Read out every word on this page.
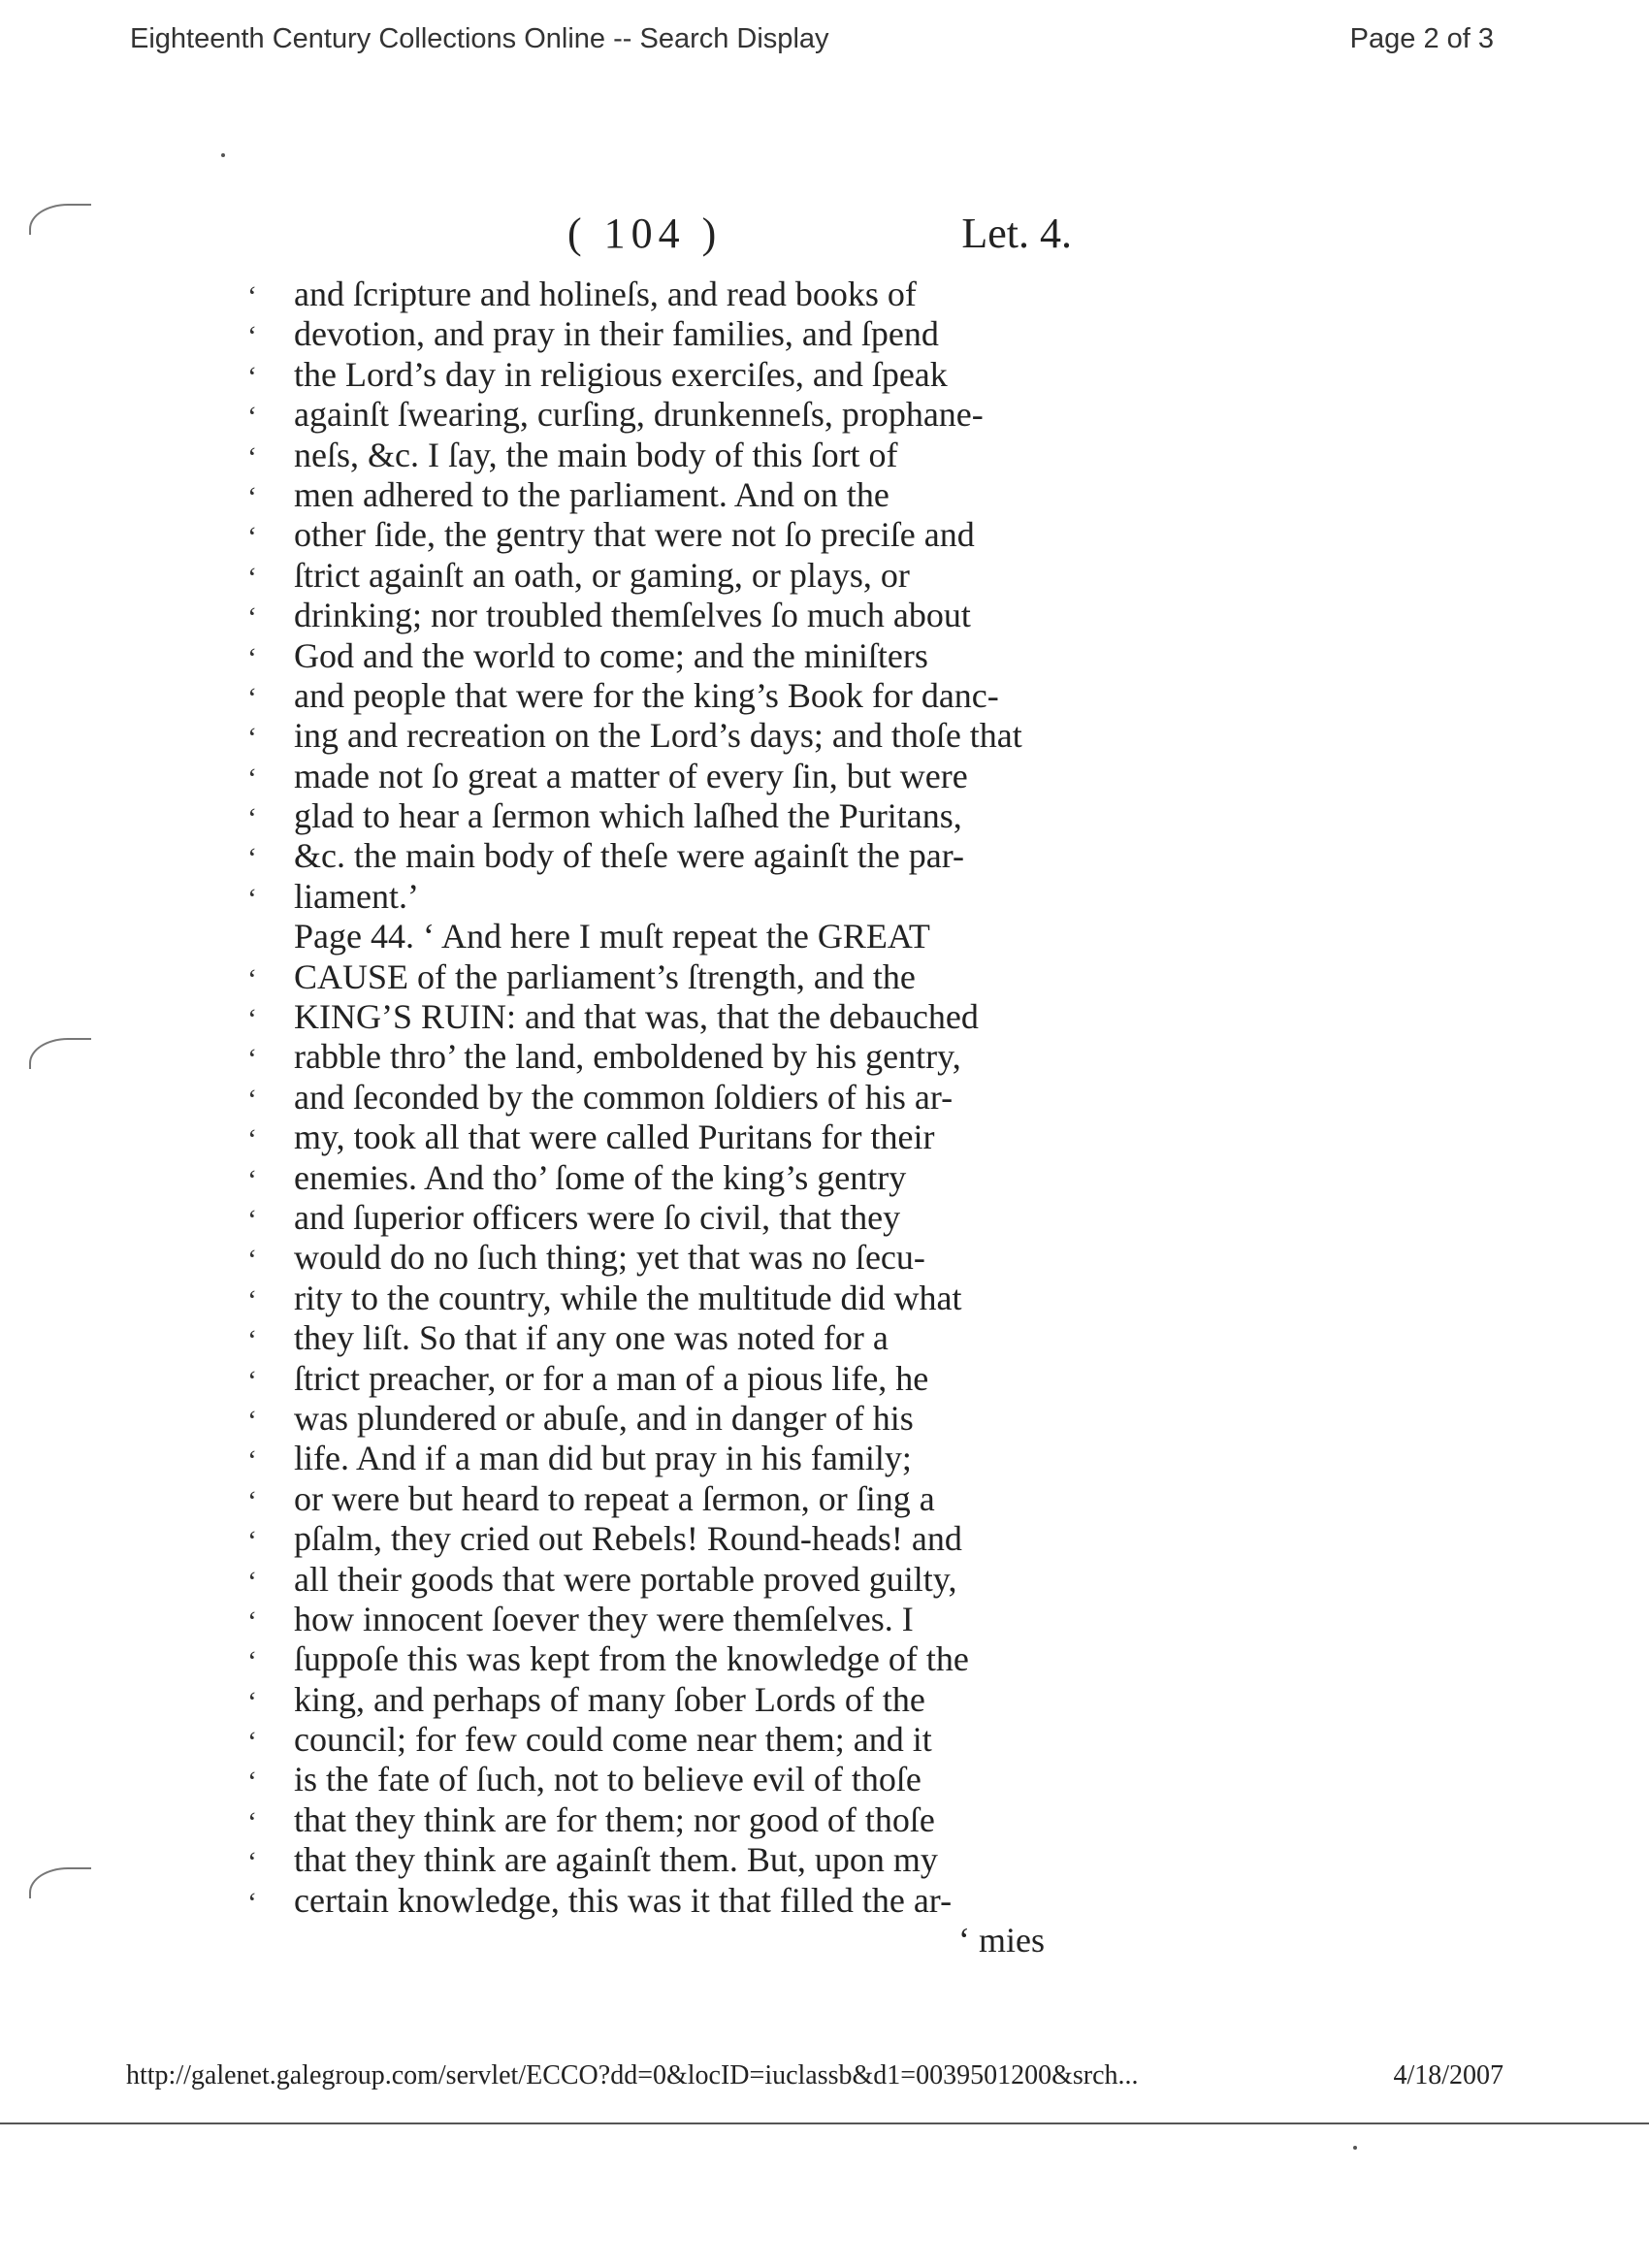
Eighteenth Century Collections Online -- Search Display	Page 2 of 3
( 104 )	Let. 4.
‘ and ſcripture and holineſs, and read books of
‘ devotion, and pray in their families, and ſpend
‘ the Lord’s day in religious exerciſes, and ſpeak
‘ againſt ſwearing, curſing, drunkenneſs, prophane-
‘ neſs, &c. I ſay, the main body of this ſort of
‘ men adhered to the parliament. And on the
‘ other ſide, the gentry that were not ſo preciſe and
‘ ſtrict againſt an oath, or gaming, or plays, or
‘ drinking; nor troubled themſelves ſo much about
‘ God and the world to come; and the miniſters
‘ and people that were for the king’s Book for danc-
‘ ing and recreation on the Lord’s days; and thoſe that
‘ made not ſo great a matter of every ſin, but were
‘ glad to hear a ſermon which laſhed the Puritans,
‘ &c. the main body of theſe were againſt the par-
‘ liament.’
Page 44. ‘ And here I muſt repeat the GREAT
‘ CAUSE of the parliament’s ſtrength, and the
‘ KING’S RUIN: and that was, that the debauched
‘ rabble thro’ the land, emboldened by his gentry,
‘ and ſeconded by the common ſoldiers of his ar-
‘ my, took all that were called Puritans for their
‘ enemies. And tho’ ſome of the king’s gentry
‘ and ſuperior officers were ſo civil, that they
‘ would do no ſuch thing; yet that was no ſecu-
‘ rity to the country, while the multitude did what
‘ they liſt. So that if any one was noted for a
‘ ſtrict preacher, or for a man of a pious life, he
‘ was plundered or abuſe, and in danger of his
‘ life. And if a man did but pray in his family;
‘ or were but heard to repeat a ſermon, or ſing a
‘ pſalm, they cried out Rebels! Round-heads! and
‘ all their goods that were portable proved guilty,
‘ how innocent ſoever they were themſelves. I
‘ ſuppoſe this was kept from the knowledge of the
‘ king, and perhaps of many ſober Lords of the
‘ council; for few could come near them; and it
‘ is the fate of ſuch, not to believe evil of thoſe
‘ that they think are for them; nor good of thoſe
‘ that they think are againſt them. But, upon my
‘ certain knowledge, this was it that filled the ar-
‘ mies
http://galenet.galegroup.com/servlet/ECCO?dd=0&locID=iuclassb&d1=0039501200&srch...	4/18/2007
